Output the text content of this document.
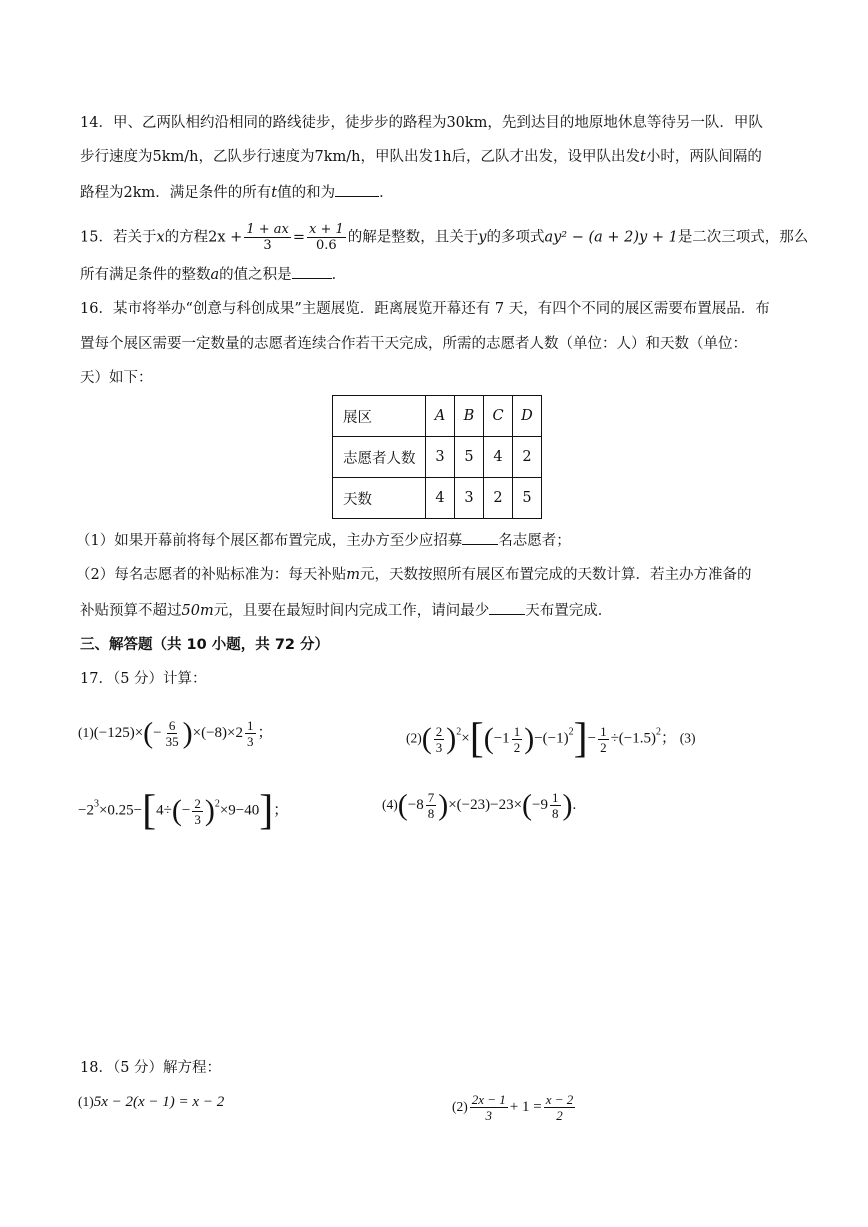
14．甲、乙两队相约沿相同的路线徒步，徒步步的路程为30km，先到达目的地原地休息等待另一队．甲队
步行速度为5km/h，乙队步行速度为7km/h，甲队出发1h后，乙队才出发，设甲队出发t小时，两队间隔的
路程为2km．满足条件的所有t值的和为	．
15．若关于x的方程$2x + \frac{1 + ax}{3} = \frac{x + 1}{0.6}$ 的解是整数，且关于y的多项式ay² − (a + 2)y + 1是二次三项式，那么
所有满足条件的整数a的值之积是	．
16．某市将举办“创意与科创成果”主题展览．距离展览开幕还有 7 天，有四个不同的展区需要布置展品．布
置每个展区需要一定数量的志愿者连续合作若干天完成，所需的志愿者人数（单位：人）和天数（单位：
天）如下：
展区	A	B	C	D
志愿者人数	3	5	4	2
天数	4	3	2	5
（1）如果开幕前将每个展区都布置完成，主办方至少应招募 名志愿者；
（2）每名志愿者的补贴标准为：每天补贴m元，天数按照所有展区布置完成的天数计算．若主办方准备的
补贴预算不超过50m元，且要在最短时间内完成工作，请问最少 天布置完成．
三、解答题（共 10 小题，共 72 分）
17．（5 分）计算：
$(1)(-125)\times(- \frac{6}{35} )\times(-8)\times 2 \frac{1}{3}$ ；	$(2)( \frac{2}{3} )^2\times[(-1 \frac{1}{2} )-(-1)^2]- \frac{1}{2} \div(-1.5)^2$； (3)
$-2^3\times 0.25-[4\div(- \frac{2}{3} )^2\times 9-40]$；	$(4)(-8 \frac{7}{8} )\times(-23)-23\times(-9 \frac{1}{8}$ ).
18．（5 分）解方程：
(1)5x − 2(x − 1) = x − 2	$(2) \frac{2x - 1}{3} + 1 = \frac{x - 2}{2}$
